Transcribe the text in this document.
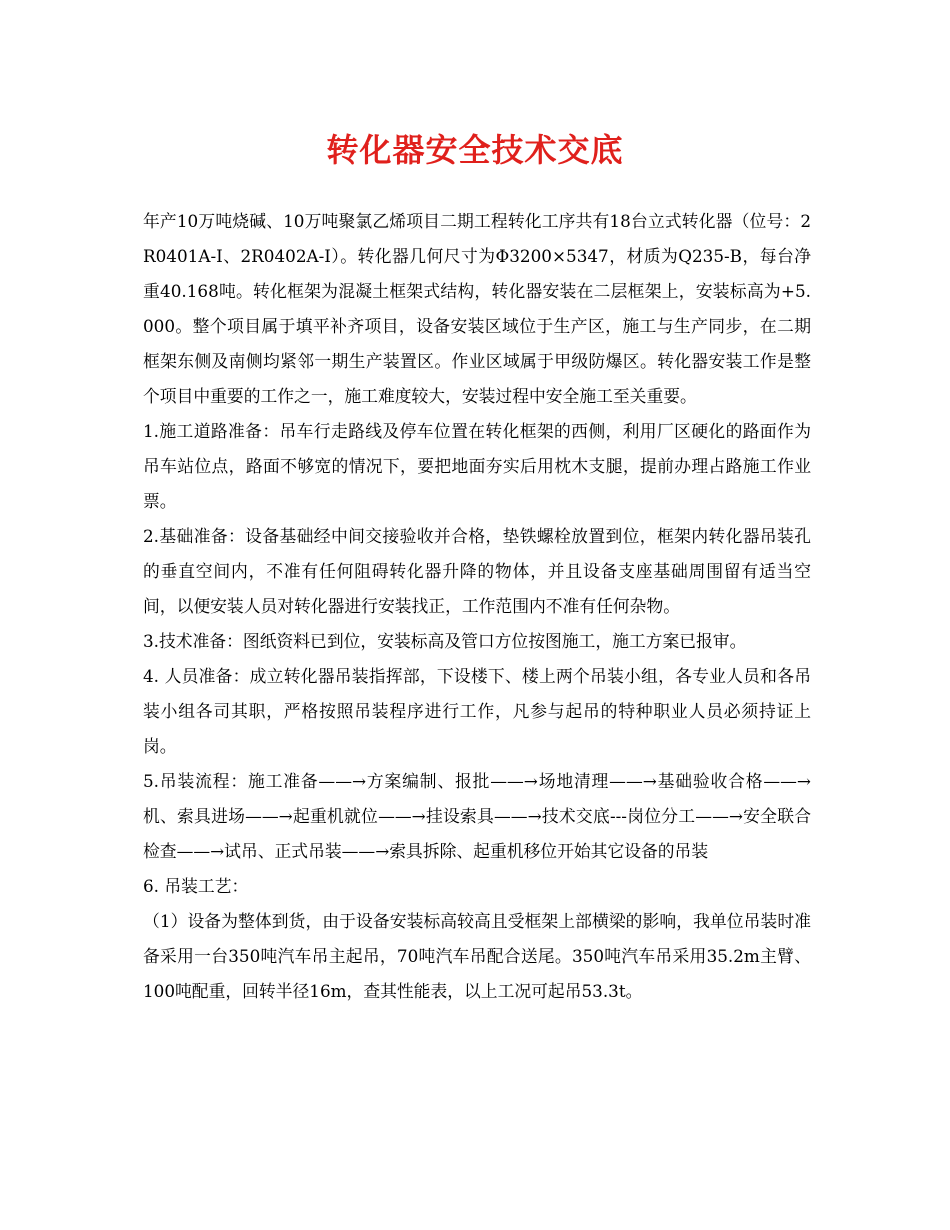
转化器安全技术交底

年产10万吨烧碱、10万吨聚氯乙烯项目二期工程转化工序共有18台立式转化器（位号：2R0401A-I、2R0402A-I）。转化器几何尺寸为Φ3200×5347，材质为Q235-B，每台净重40.168吨。转化框架为混凝土框架式结构，转化器安装在二层框架上，安装标高为+5.000。整个项目属于填平补齐项目，设备安装区域位于生产区，施工与生产同步，在二期框架东侧及南侧均紧邻一期生产装置区。作业区域属于甲级防爆区。转化器安装工作是整个项目中重要的工作之一，施工难度较大，安装过程中安全施工至关重要。

1.施工道路准备：吊车行走路线及停车位置在转化框架的西侧，利用厂区硬化的路面作为吊车站位点，路面不够宽的情况下，要把地面夯实后用枕木支腿，提前办理占路施工作业票。

2.基础准备：设备基础经中间交接验收并合格，垫铁螺栓放置到位，框架内转化器吊装孔的垂直空间内，不准有任何阻碍转化器升降的物体，并且设备支座基础周围留有适当空间，以便安装人员对转化器进行安装找正，工作范围内不准有任何杂物。

3.技术准备：图纸资料已到位，安装标高及管口方位按图施工，施工方案已报审。

4. 人员准备：成立转化器吊装指挥部，下设楼下、楼上两个吊装小组，各专业人员和各吊装小组各司其职，严格按照吊装程序进行工作，凡参与起吊的特种职业人员必须持证上岗。

5.吊装流程：施工准备——→方案编制、报批——→场地清理——→基础验收合格——→机、索具进场——→起重机就位——→挂设索具——→技术交底---岗位分工——→安全联合检查——→试吊、正式吊装——→索具拆除、起重机移位开始其它设备的吊装

6. 吊装工艺：

（1）设备为整体到货，由于设备安装标高较高且受框架上部横梁的影响，我单位吊装时准备采用一台350吨汽车吊主起吊，70吨汽车吊配合送尾。350吨汽车吊采用35.2m主臂、100吨配重，回转半径16m，查其性能表，以上工况可起吊53.3t。
